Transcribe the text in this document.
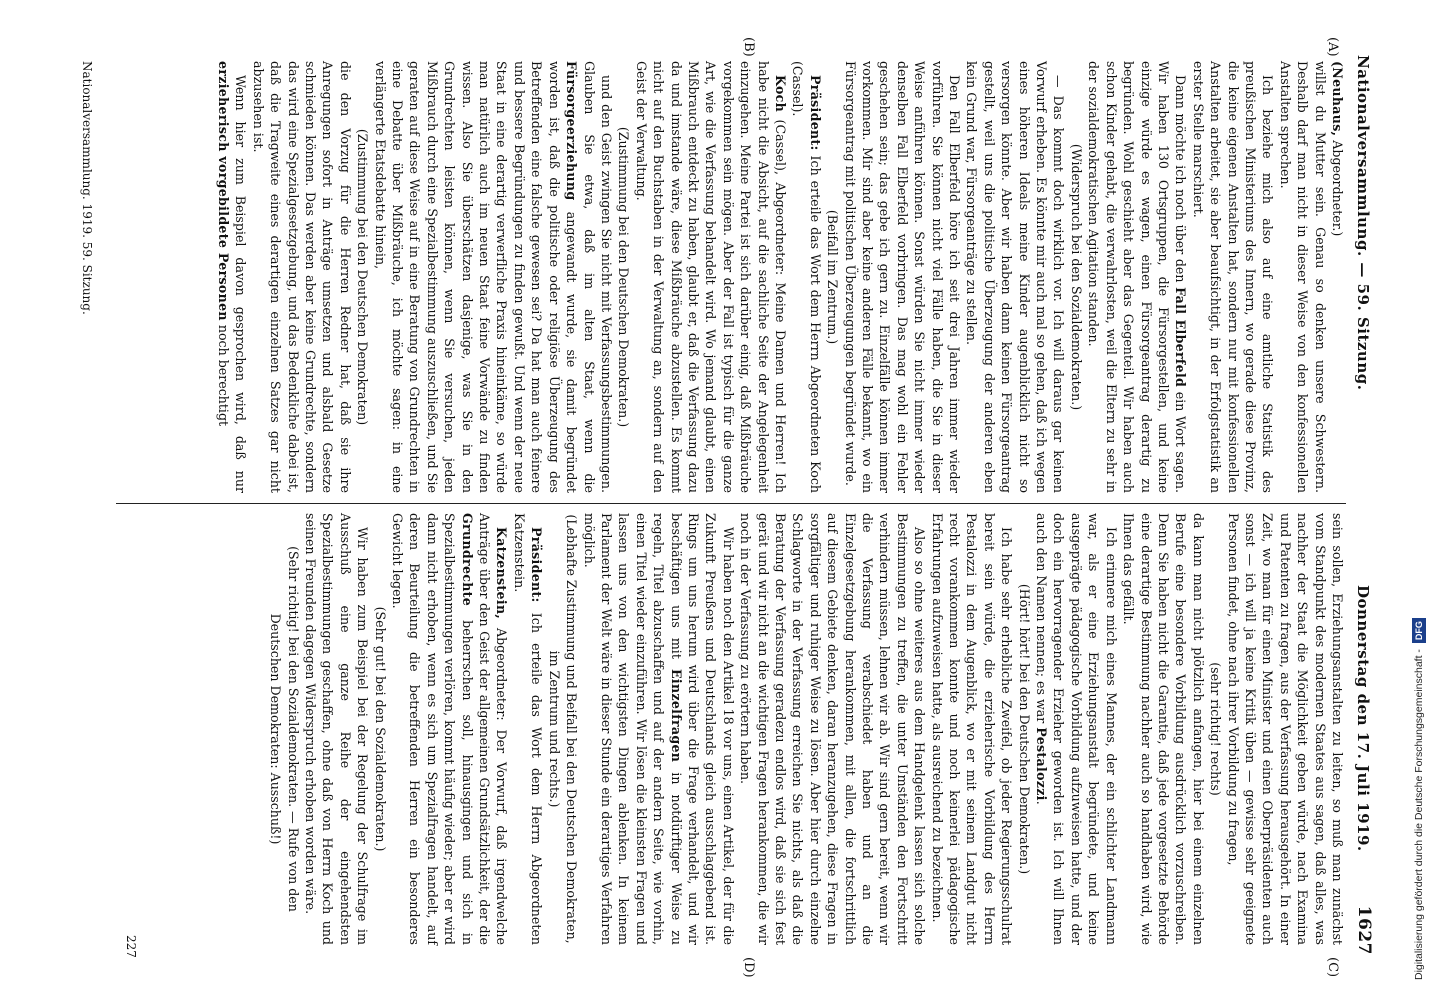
Nationalversammlung. — 59. Sitzung.
Donnerstag den 17. Juli 1919.
1627
(A)
(B)
(C)
(D)

(Neuhaus, Abgeordneter.)

willst du Mutter sein. Genau so denken unsere Schwestern. Deshalb darf man nicht in dieser Weise von den konfessionellen Anstalten sprechen.

Ich beziehe mich also auf eine amtliche Statistik des preußischen Ministeriums des Innern, wo gerade diese Provinz, die keine eigenen Anstalten hat, sondern nur mit konfessionellen Anstalten arbeitet, sie aber beaufsichtigt, in der Erfolgstatistik an erster Stelle marschiert.

Dann möchte ich noch über den Fall Elberfeld ein Wort sagen. Wir haben 130 Ortsgruppen, die Fürsorgestellen, und keine einzige würde es wagen, einen Fürsorgeantrag derartig zu begründen. Wohl geschieht aber das Gegenteil. Wir haben auch schon Kinder gehabt, die verwahrlosten, weil die Eltern zu sehr in der sozialdemokratischen Agitation standen.

(Widerspruch bei den Sozialdemokraten.)

— Das kommt doch wirklich vor. Ich will daraus gar keinen Vorwurf erheben. Es könnte mir auch mal so gehen, daß ich wegen eines höheren Ideals meine Kinder augenblicklich nicht so versorgen könnte. Aber wir haben dann keinen Fürsorgeantrag gestellt, weil uns die politische Überzeugung der anderen eben kein Grund war, Fürsorgeanträge zu stellen.

Den Fall Elberfeld höre ich seit drei Jahren immer wieder vorführen. Sie können nicht viel Fälle haben, die Sie in dieser Weise anführen können. Sonst würden Sie nicht immer wieder denselben Fall Elberfeld vorbringen. Das mag wohl ein Fehler geschehen sein; das gebe ich gern zu. Einzelfälle können immer vorkommen. Mir sind aber keine anderen Fälle bekannt, wo ein Fürsorgeantrag mit politischen Überzeugungen begründet wurde.

(Beifall im Zentrum.)

Präsident: Ich erteile das Wort dem Herrn Abgeordneten Koch (Cassel).

Koch (Cassel), Abgeordneter: Meine Damen und Herren! Ich habe nicht die Absicht, auf die sachliche Seite der Angelegenheit einzugehen. Meine Partei ist sich darüber einig, daß Mißbräuche vorgekommen sein mögen. Aber der Fall ist typisch für die ganze Art, wie die Verfassung behandelt wird. Wo jemand glaubt, einen Mißbrauch entdeckt zu haben, glaubt er, daß die Verfassung dazu da und imstande wäre, diese Mißbräuche abzustellen. Es kommt nicht auf den Buchstaben in der Verwaltung an, sondern auf den Geist der Verwaltung.

(Zustimmung bei den Deutschen Demokraten.)

und den Geist zwingen Sie nicht mit Verfassungsbestimmungen. Glauben Sie etwa, daß im alten Staat, wenn die Fürsorgeerziehung angewandt wurde, sie damit begründet worden ist, daß die politische oder religiöse Überzeugung des Betreffenden eine falsche gewesen sei? Da hat man auch feinere und bessere Begründungen zu finden gewußt. Und wenn der neue Staat in eine derartig verwerfliche Praxis hineinkäme, so würde man natürlich auch im neuen Staat feine Vorwände zu finden wissen. Also Sie überschätzen dasjenige, was Sie in den Grundrechten leisten können, wenn Sie versuchen, jeden Mißbrauch durch eine Spezialbestimmung auszuschließen, und Sie geraten auf diese Weise auf in eine Beratung von Grundrechten in eine Debatte über Mißbräuche, ich möchte sagen: in eine verlängerte Etatsdebatte hinein,

(Zustimmung bei den Deutschen Demokraten)

die den Vorzug für die Herren Redner hat, daß sie ihre Anregungen sofort in Anträge umsetzen und alsbald Gesetze schmieden können. Das werden aber keine Grundrechte, sondern das wird eine Spezialgesetzgebung, und das Bedenkliche dabei ist, daß die Tragweite eines derartigen einzelnen Satzes gar nicht abzusehen ist.

Wenn hier zum Beispiel davon gesprochen wird, daß nur erzieherisch vorgebildete Personen noch berechtigt

sein sollen, Erziehungsanstalten zu leiten, so muß man zunächst vom Standpunkt des modernen Staates aus sagen, daß alles, was nachher der Staat die Möglichkeit geben würde, nach Examina und Patenten zu fragen, aus der Verfassung herausgehört. In einer Zeit, wo man für einen Minister und einen Oberpräsidenten auch sonst — ich will ja keine Kritik üben — gewisse sehr geeignete Personen findet, ohne nach ihrer Vorbildung zu fragen,

(sehr richtig! rechts)

da kann man nicht plötzlich anfangen, hier bei einem einzelnen Berufe eine besondere Vorbildung ausdrücklich vorzuschreiben. Denn Sie haben nicht die Garantie, daß jede vorgesetzte Behörde eine derartige Bestimmung nachher auch so handhaben wird, wie Ihnen das gefällt.

Ich erinnere mich eines Mannes, der ein schlichter Landmann war, als er eine Erziehungsanstalt begründete, und keine ausgeprägte pädagogische Vorbildung aufzuweisen hatte, und der doch ein hervorragender Erzieher geworden ist. Ich will Ihnen auch den Namen nennen; es war Pestalozzi.

(Hört! hört! bei den Deutschen Demokraten.)

Ich habe sehr erhebliche Zweifel, ob jeder Regierungsschulrat bereit sein würde, die erzieherische Vorbildung des Herrn Pestalozzi in dem Augenblick, wo er mit seinem Landgut nicht recht vorankommen konnte und noch keinerlei pädagogische Erfahrungen aufzuweisen hatte, als ausreichend zu bezeichnen.

Also so ohne weiteres aus dem Handgelenk lassen sich solche Bestimmungen zu treffen, die unter Umständen den Fortschritt verhindern müssen, lehnen wir ab. Wir sind gern bereit, wenn wir die Verfassung verabschiedet haben und an die Einzelgesetzgebung herankommen, mit allen, die fortschrittlich auf diesem Gebiete denken, daran heranzugehen, diese Fragen in sorgfältiger und ruhiger Weise zu lösen. Aber hier durch einzelne Schlagworte in der Verfassung erreichen Sie nichts, als daß die Beratung der Verfassung geradezu endlos wird, daß sie sich fest gerät und wir nicht an die wichtigen Fragen herankommen, die wir noch in der Verfassung zu erörtern haben.

Wir haben noch den Artikel 18 vor uns, einen Artikel, der für die Zukunft Preußens und Deutschlands gleich ausschlaggebend ist. Rings um uns herum wird über die Frage verhandelt, und wir beschäftigen uns mit Einzelfragen in notdürftiger Weise zu regeln, Titel abzuschaffen und auf der andern Seite, wie vorhin, einen Titel wieder einzuführen. Wir lösen die kleinsten Fragen und lassen uns von den wichtigsten Dingen ablenken. In keinem Parlament der Welt wäre in dieser Stunde ein derartiges Verfahren möglich.

(Lebhafte Zustimmung und Beifall bei den Deutschen Demokraten, im Zentrum und rechts.)

Präsident: Ich erteile das Wort dem Herrn Abgeordneten Katzenstein.

Katzenstein, Abgeordneter: Der Vorwurf, daß irgendwelche Anträge über den Geist der allgemeinen Grundsätzlichkeit, der die Grundrechte beherrschen soll, hinausgingen und sich in Spezialbestimmungen verlören, kommt häufig wieder; aber er wird dann nicht erhoben, wenn es sich um Spezialfragen handelt, auf deren Beurteilung die betreffenden Herren ein besonderes Gewicht legen.

(Sehr gut! bei den Sozialdemokraten.)

Wir haben zum Beispiel bei der Regelung der Schulfrage im Ausschuß eine ganze Reihe der eingehendsten Spezialbestimmungen geschaffen, ohne daß von Herrn Koch und seinen Freunden dagegen Widerspruch erhoben worden wäre.

(Sehr richtig! bei den Sozialdemokraten. — Rufe von den Deutschen Demokraten: Ausschuß!)

Nationalversammlung. 1919. 59. Sitzung.
227	Digitalisierung gefördert durch die Deutsche Forschungsgemeinschaft -DFG
